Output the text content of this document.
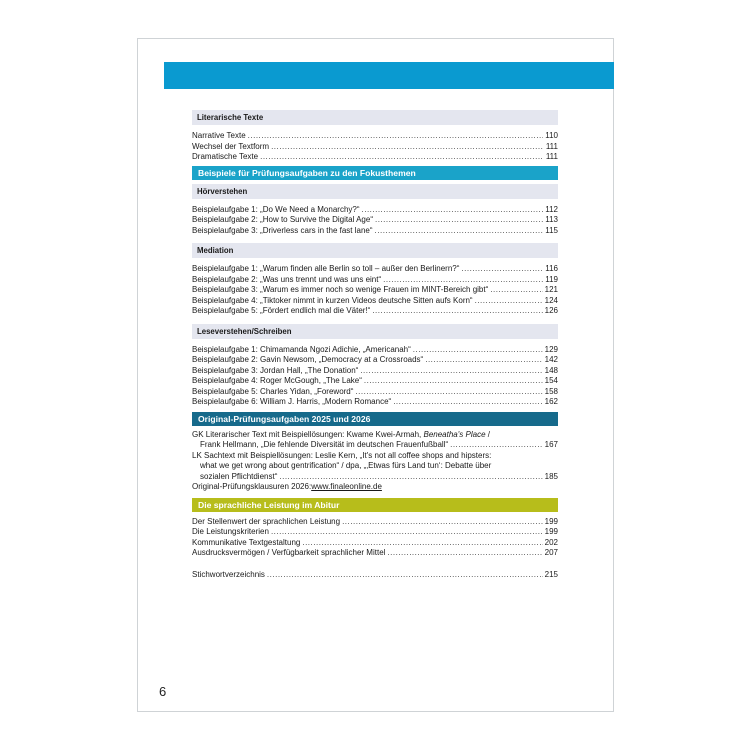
Literarische Texte
Narrative Texte .....	110
Wechsel der Textform .....	111
Dramatische Texte .....	111
Beispiele für Prüfungsaufgaben zu den Fokusthemen
Hörverstehen
Beispielaufgabe 1: „Do We Need a Monarchy?“ .....	112
Beispielaufgabe 2: „How to Survive the Digital Age“ .....	113
Beispielaufgabe 3: „Driverless cars in the fast lane“ .....	115
Mediation
Beispielaufgabe 1: „Warum finden alle Berlin so toll – außer den Berlinern?“ .....	116
Beispielaufgabe 2: „Was uns trennt und was uns eint“ .....	119
Beispielaufgabe 3: „Warum es immer noch so wenige Frauen im MINT-Bereich gibt“ .....	121
Beispielaufgabe 4: „Tiktoker nimmt in kurzen Videos deutsche Sitten aufs Korn“ .....	124
Beispielaufgabe 5: „Fördert endlich mal die Väter!“ .....	126
Leseverstehen/Schreiben
Beispielaufgabe 1: Chimamanda Ngozi Adichie, „Americanah“ .....	129
Beispielaufgabe 2: Gavin Newsom, „Democracy at a Crossroads“ .....	142
Beispielaufgabe 3: Jordan Hall, „The Donation“ .....	148
Beispielaufgabe 4: Roger McGough, „The Lake“ .....	154
Beispielaufgabe 5: Charles Yidan, „Foreword“ .....	158
Beispielaufgabe 6: William J. Harris, „Modern Romance“ .....	162
Original-Prüfungsaufgaben 2025 und 2026
GK Literarischer Text mit Beispiellösungen: Kwame Kwei-Armah, Beneatha's Place /
Frank Hellmann, „Die fehlende Diversität im deutschen Frauenfußball“ .....	167
LK Sachtext mit Beispiellösungen: Leslie Kern, „It's not all coffee shops and hipsters:
what we get wrong about gentrification“ / dpa, „‚Etwas fürs Land tun‘: Debatte über
sozialen Pflichtdienst“ .....	185
Original-Prüfungsklausuren 2026: www.finaleonline.de
Die sprachliche Leistung im Abitur
Der Stellenwert der sprachlichen Leistung .....	199
Die Leistungskriterien .....	199
Kommunikative Textgestaltung .....	202
Ausdrucksvermögen / Verfügbarkeit sprachlicher Mittel .....	207
Stichwortverzeichnis .....	215
6
